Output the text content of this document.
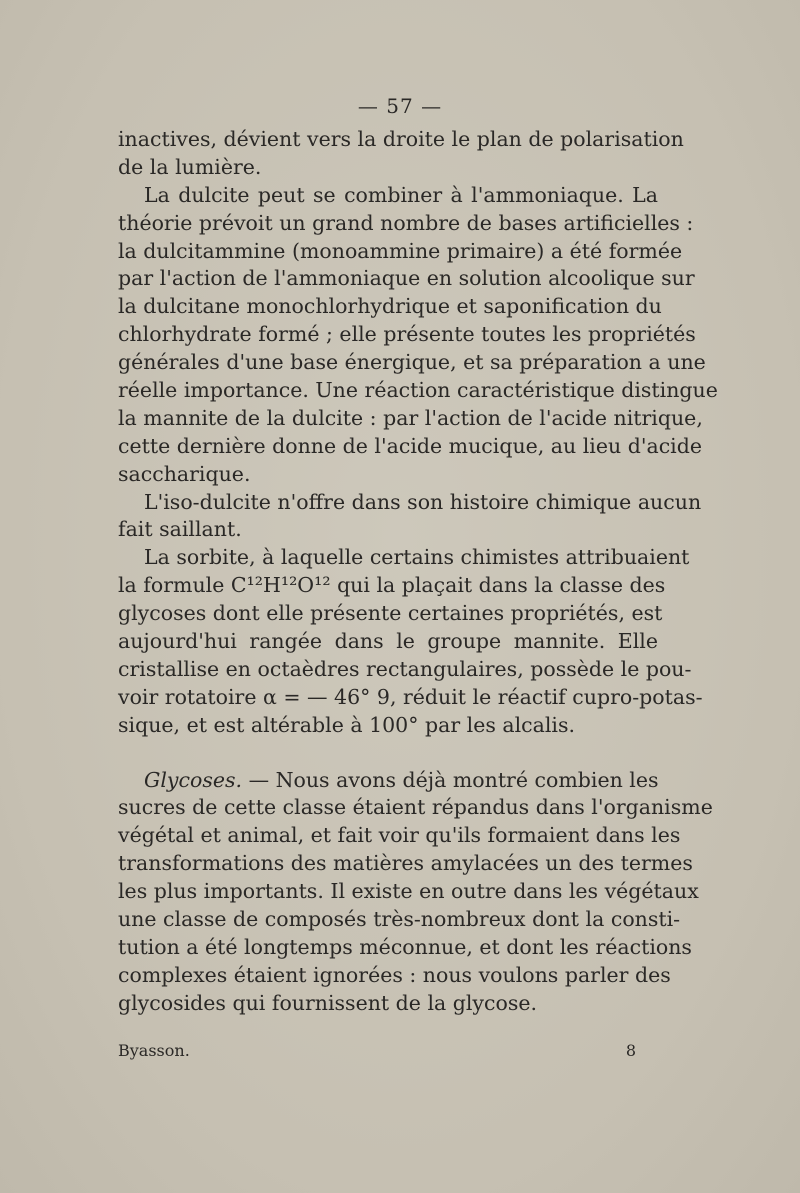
— 57 —
inactives, dévient vers la droite le plan de polarisation
de la lumière.
La dulcite peut se combiner à l'ammoniaque. La
théorie prévoit un grand nombre de bases artificielles :
la dulcitammine (monoammine primaire) a été formée
par l'action de l'ammoniaque en solution alcoolique sur
la dulcitane monochlorhydrique et saponification du
chlorhydrate formé ; elle présente toutes les propriétés
générales d'une base énergique, et sa préparation a une
réelle importance. Une réaction caractéristique distingue
la mannite de la dulcite : par l'action de l'acide nitrique,
cette dernière donne de l'acide mucique, au lieu d'acide
saccharique.
L'iso-dulcite n'offre dans son histoire chimique aucun
fait saillant.
La sorbite, à laquelle certains chimistes attribuaient
la formule C¹²H¹²O¹² qui la plaçait dans la classe des
glycoses dont elle présente certaines propriétés, est
aujourd'hui rangée dans le groupe mannite. Elle
cristallise en octaèdres rectangulaires, possède le pou-
voir rotatoire α = — 46° 9, réduit le réactif cupro-potas-
sique, et est altérable à 100° par les alcalis.
Glycoses. — Nous avons déjà montré combien les
sucres de cette classe étaient répandus dans l'organisme
végétal et animal, et fait voir qu'ils formaient dans les
transformations des matières amylacées un des termes
les plus importants. Il existe en outre dans les végétaux
une classe de composés très-nombreux dont la consti-
tution a été longtemps méconnue, et dont les réactions
complexes étaient ignorées : nous voulons parler des
glycosides qui fournissent de la glycose.
Byasson.	8
